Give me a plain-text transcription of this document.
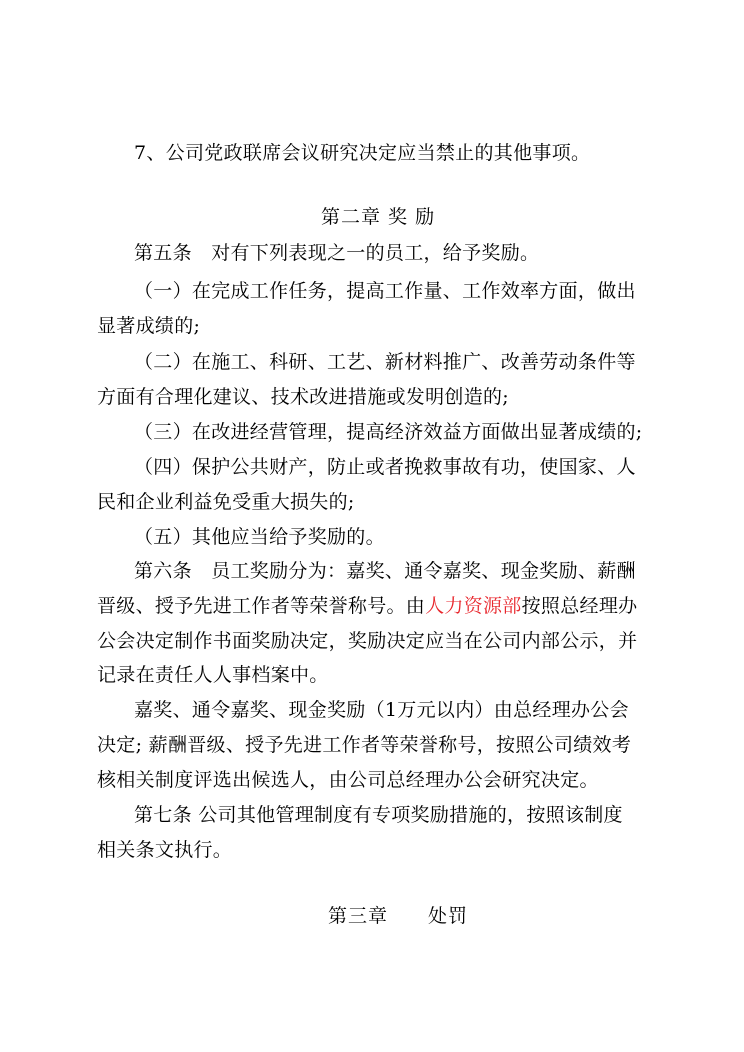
7、公司党政联席会议研究决定应当禁止的其他事项。
第二章 奖 励
第五条　对有下列表现之一的员工，给予奖励。
（一）在完成工作任务，提高工作量、工作效率方面，做出
显著成绩的;
（二）在施工、科研、工艺、新材料推广、改善劳动条件等
方面有合理化建议、技术改进措施或发明创造的;
（三）在改进经营管理，提高经济效益方面做出显著成绩的;
（四）保护公共财产，防止或者挽救事故有功，使国家、人
民和企业利益免受重大损失的;
（五）其他应当给予奖励的。
第六条　员工奖励分为：嘉奖、通令嘉奖、现金奖励、薪酬
晋级、授予先进工作者等荣誉称号。由人力资源部按照总经理办
公会决定制作书面奖励决定，奖励决定应当在公司内部公示，并
记录在责任人人事档案中。
嘉奖、通令嘉奖、现金奖励（1万元以内）由总经理办公会
决定; 薪酬晋级、授予先进工作者等荣誉称号，按照公司绩效考
核相关制度评选出候选人，由公司总经理办公会研究决定。
第七条 公司其他管理制度有专项奖励措施的，按照该制度
相关条文执行。
第三章　　处罚
